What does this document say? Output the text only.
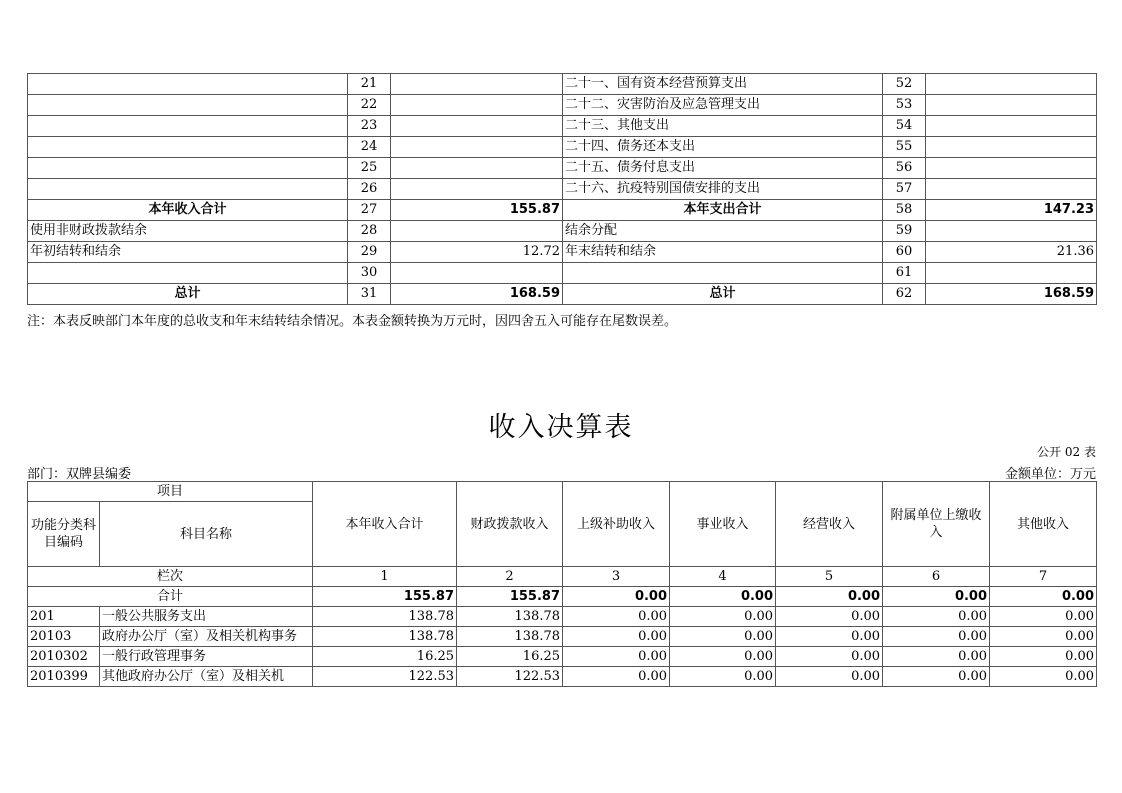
	21		二十一、国有资本经营预算支出	52	
	22		二十二、灾害防治及应急管理支出	53	
	23		二十三、其他支出	54	
	24		二十四、债务还本支出	55	
	25		二十五、债务付息支出	56	
	26		二十六、抗疫特别国债安排的支出	57	
本年收入合计	27	155.87	本年支出合计	58	147.23
使用非财政拨款结余	28		结余分配	59	
年初结转和结余	29	12.72	年末结转和结余	60	21.36
	30			61	
总计	31	168.59	总计	62	168.59
注：本表反映部门本年度的总收支和年末结转结余情况。本表金额转换为万元时，因四舍五入可能存在尾数误差。
收入决算表
公开 02 表
部门：双牌县编委	金额单位：万元
项目		本年收入合计	财政拨款收入	上级补助收入	事业收入	经营收入	附属单位上缴收入	其他收入
功能分类科目编码	科目名称							
栏次		1	2	3	4	5	6	7
合计		155.87	155.87	0.00	0.00	0.00	0.00	0.00
201	一般公共服务支出	138.78	138.78	0.00	0.00	0.00	0.00	0.00
20103	政府办公厅（室）及相关机构事务	138.78	138.78	0.00	0.00	0.00	0.00	0.00
2010302	一般行政管理事务	16.25	16.25	0.00	0.00	0.00	0.00	0.00
2010399	其他政府办公厅（室）及相关机	122.53	122.53	0.00	0.00	0.00	0.00	0.00
